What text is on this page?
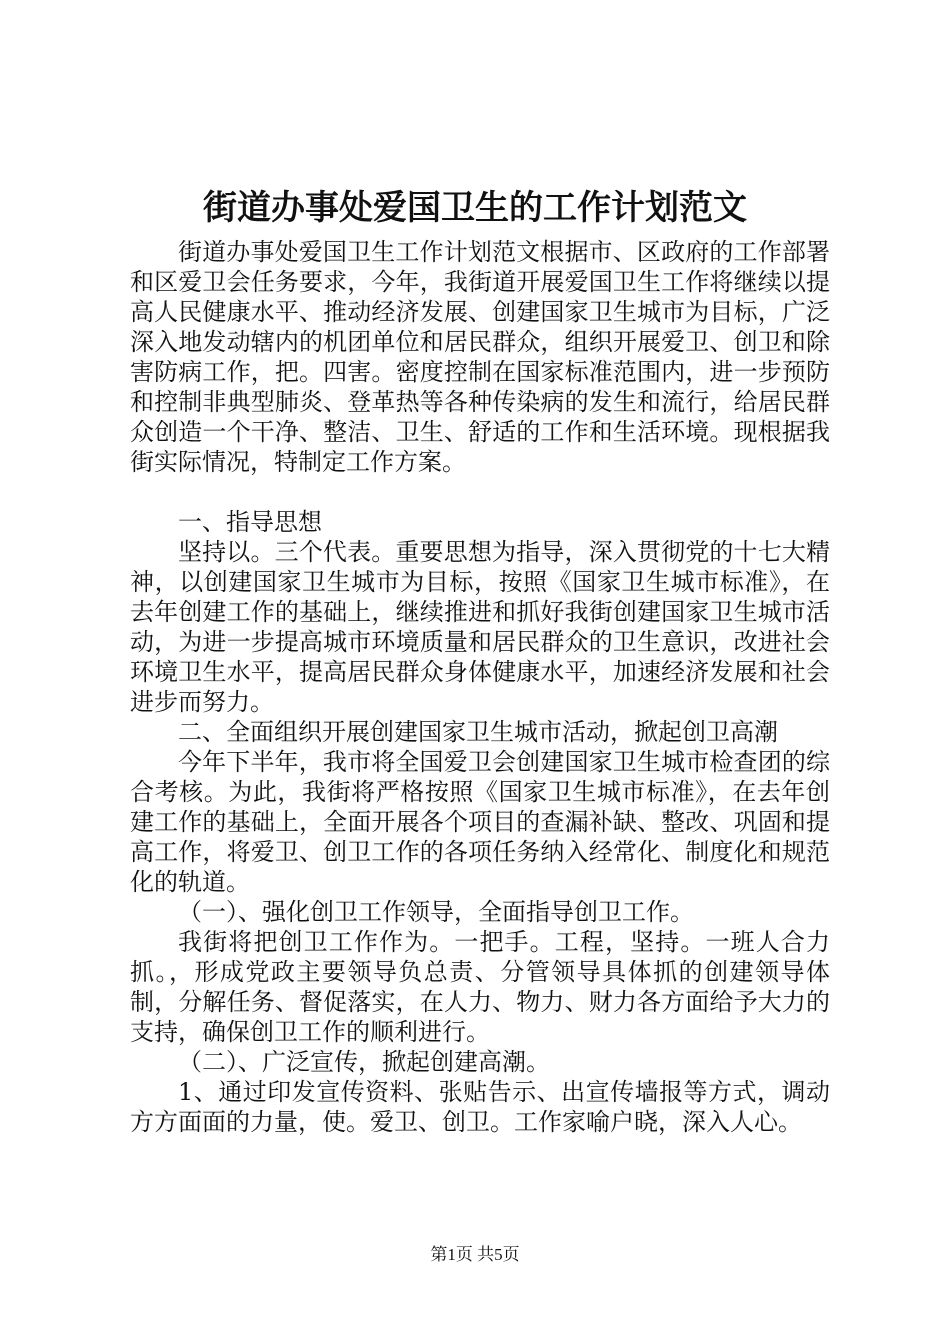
街道办事处爱国卫生的工作计划范文

街道办事处爱国卫生工作计划范文根据市、区政府的工作部署和区爱卫会任务要求，今年，我街道开展爱国卫生工作将继续以提高人民健康水平、推动经济发展、创建国家卫生城市为目标，广泛深入地发动辖内的机团单位和居民群众，组织开展爱卫、创卫和除害防病工作，把。四害。密度控制在国家标准范围内，进一步预防和控制非典型肺炎、登革热等各种传染病的发生和流行，给居民群众创造一个干净、整洁、卫生、舒适的工作和生活环境。现根据我街实际情况，特制定工作方案。

一、指导思想

坚持以。三个代表。重要思想为指导，深入贯彻党的十七大精神，以创建国家卫生城市为目标，按照《国家卫生城市标准》，在去年创建工作的基础上，继续推进和抓好我街创建国家卫生城市活动，为进一步提高城市环境质量和居民群众的卫生意识，改进社会环境卫生水平，提高居民群众身体健康水平，加速经济发展和社会进步而努力。

二、全面组织开展创建国家卫生城市活动，掀起创卫高潮

今年下半年，我市将全国爱卫会创建国家卫生城市检查团的综合考核。为此，我街将严格按照《国家卫生城市标准》，在去年创建工作的基础上，全面开展各个项目的查漏补缺、整改、巩固和提高工作，将爱卫、创卫工作的各项任务纳入经常化、制度化和规范化的轨道。

（一）、强化创卫工作领导，全面指导创卫工作。

我街将把创卫工作作为。一把手。工程，坚持。一班人合力抓。，形成党政主要领导负总责、分管领导具体抓的创建领导体制，分解任务、督促落实，在人力、物力、财力各方面给予大力的支持，确保创卫工作的顺利进行。

（二）、广泛宣传，掀起创建高潮。

1、通过印发宣传资料、张贴告示、出宣传墙报等方式，调动方方面面的力量，使。爱卫、创卫。工作家喻户晓，深入人心。

第1页 共5页
